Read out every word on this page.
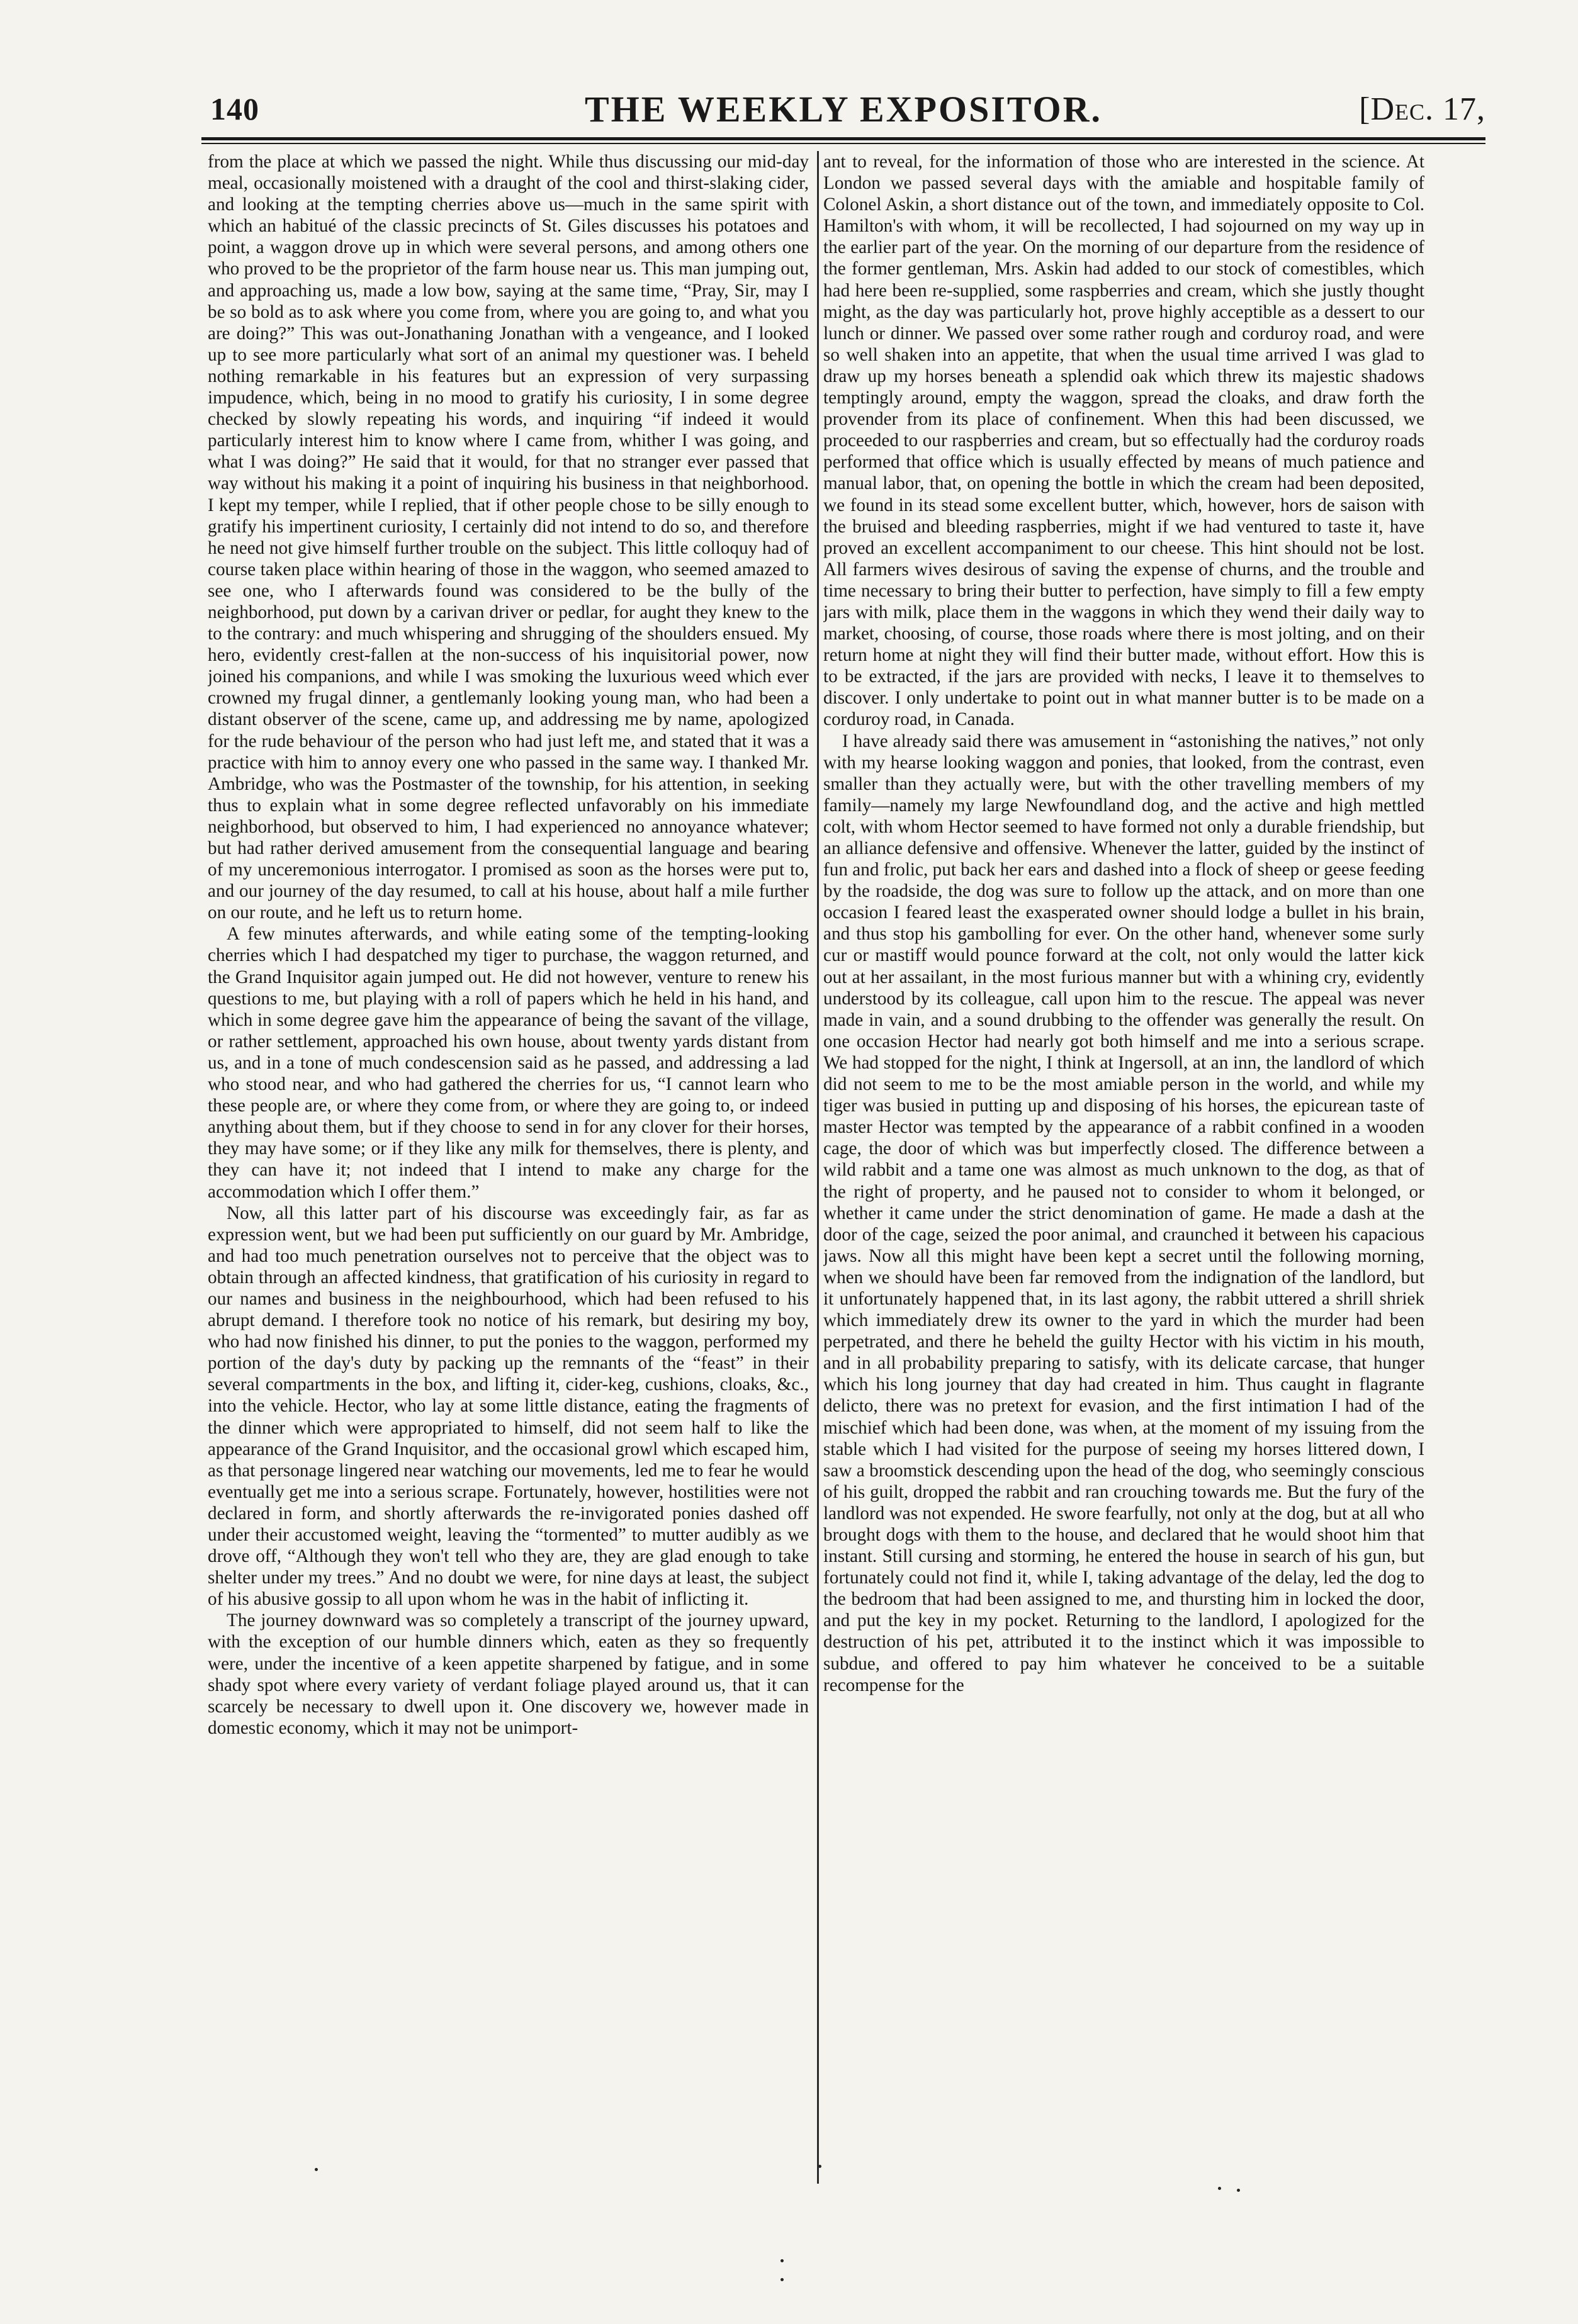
140	THE WEEKLY EXPOSITOR.	[Dec. 17,

from the place at which we passed the night. While thus discussing our mid-day meal, occasionally moistened with a draught of the cool and thirst-slaking cider, and looking at the tempting cherries above us—much in the same spirit with which an habitué of the classic precincts of St. Giles discusses his potatoes and point, a waggon drove up in which were several persons, and among others one who proved to be the proprietor of the farm house near us. This man jumping out, and approaching us, made a low bow, saying at the same time, “Pray, Sir, may I be so bold as to ask where you come from, where you are going to, and what you are doing?” This was out-Jonathaning Jonathan with a vengeance, and I looked up to see more particularly what sort of an animal my questioner was. I beheld nothing remarkable in his features but an expression of very surpassing impudence, which, being in no mood to gratify his curiosity, I in some degree checked by slowly repeating his words, and inquiring “if indeed it would particularly interest him to know where I came from, whither I was going, and what I was doing?” He said that it would, for that no stranger ever passed that way without his making it a point of inquiring his business in that neighborhood. I kept my temper, while I replied, that if other people chose to be silly enough to gratify his impertinent curiosity, I certainly did not intend to do so, and therefore he need not give himself further trouble on the subject. This little colloquy had of course taken place within hearing of those in the waggon, who seemed amazed to see one, who I afterwards found was considered to be the bully of the neighborhood, put down by a carivan driver or pedlar, for aught they knew to the to the contrary: and much whispering and shrugging of the shoulders ensued. My hero, evidently crest-fallen at the non-success of his inquisitorial power, now joined his companions, and while I was smoking the luxurious weed which ever crowned my frugal dinner, a gentlemanly looking young man, who had been a distant observer of the scene, came up, and addressing me by name, apologized for the rude behaviour of the person who had just left me, and stated that it was a practice with him to annoy every one who passed in the same way. I thanked Mr. Ambridge, who was the Postmaster of the township, for his attention, in seeking thus to explain what in some degree reflected unfavorably on his immediate neighborhood, but observed to him, I had experienced no annoyance whatever; but had rather derived amusement from the consequential language and bearing of my unceremonious interrogator. I promised as soon as the horses were put to, and our journey of the day resumed, to call at his house, about half a mile further on our route, and he left us to return home.

A few minutes afterwards, and while eating some of the tempting-looking cherries which I had despatched my tiger to purchase, the waggon returned, and the Grand Inquisitor again jumped out. He did not however, venture to renew his questions to me, but playing with a roll of papers which he held in his hand, and which in some degree gave him the appearance of being the savant of the village, or rather settlement, approached his own house, about twenty yards distant from us, and in a tone of much condescension said as he passed, and addressing a lad who stood near, and who had gathered the cherries for us, “I cannot learn who these people are, or where they come from, or where they are going to, or indeed anything about them, but if they choose to send in for any clover for their horses, they may have some; or if they like any milk for themselves, there is plenty, and they can have it; not indeed that I intend to make any charge for the accommodation which I offer them.”

Now, all this latter part of his discourse was exceedingly fair, as far as expression went, but we had been put sufficiently on our guard by Mr. Ambridge, and had too much penetration ourselves not to perceive that the object was to obtain through an affected kindness, that gratification of his curiosity in regard to our names and business in the neighbourhood, which had been refused to his abrupt demand. I therefore took no notice of his remark, but desiring my boy, who had now finished his dinner, to put the ponies to the waggon, performed my portion of the day's duty by packing up the remnants of the “feast” in their several compartments in the box, and lifting it, cider-keg, cushions, cloaks, &c., into the vehicle. Hector, who lay at some little distance, eating the fragments of the dinner which were appropriated to himself, did not seem half to like the appearance of the Grand Inquisitor, and the occasional growl which escaped him, as that personage lingered near watching our movements, led me to fear he would eventually get me into a serious scrape. Fortunately, however, hostilities were not declared in form, and shortly afterwards the re-invigorated ponies dashed off under their accustomed weight, leaving the “tormented” to mutter audibly as we drove off, “Although they won't tell who they are, they are glad enough to take shelter under my trees.” And no doubt we were, for nine days at least, the subject of his abusive gossip to all upon whom he was in the habit of inflicting it.

The journey downward was so completely a transcript of the journey upward, with the exception of our humble dinners which, eaten as they so frequently were, under the incentive of a keen appetite sharpened by fatigue, and in some shady spot where every variety of verdant foliage played around us, that it can scarcely be necessary to dwell upon it. One discovery we, however made in domestic economy, which it may not be unimport-

ant to reveal, for the information of those who are interested in the science. At London we passed several days with the amiable and hospitable family of Colonel Askin, a short distance out of the town, and immediately opposite to Col. Hamilton's with whom, it will be recollected, I had sojourned on my way up in the earlier part of the year. On the morning of our departure from the residence of the former gentleman, Mrs. Askin had added to our stock of comestibles, which had here been re-supplied, some raspberries and cream, which she justly thought might, as the day was particularly hot, prove highly acceptible as a dessert to our lunch or dinner. We passed over some rather rough and corduroy road, and were so well shaken into an appetite, that when the usual time arrived I was glad to draw up my horses beneath a splendid oak which threw its majestic shadows temptingly around, empty the waggon, spread the cloaks, and draw forth the provender from its place of confinement. When this had been discussed, we proceeded to our raspberries and cream, but so effectually had the corduroy roads performed that office which is usually effected by means of much patience and manual labor, that, on opening the bottle in which the cream had been deposited, we found in its stead some excellent butter, which, however, hors de saison with the bruised and bleeding raspberries, might if we had ventured to taste it, have proved an excellent accompaniment to our cheese. This hint should not be lost. All farmers wives desirous of saving the expense of churns, and the trouble and time necessary to bring their butter to perfection, have simply to fill a few empty jars with milk, place them in the waggons in which they wend their daily way to market, choosing, of course, those roads where there is most jolting, and on their return home at night they will find their butter made, without effort. How this is to be extracted, if the jars are provided with necks, I leave it to themselves to discover. I only undertake to point out in what manner butter is to be made on a corduroy road, in Canada.

I have already said there was amusement in “astonishing the natives,” not only with my hearse looking waggon and ponies, that looked, from the contrast, even smaller than they actually were, but with the other travelling members of my family—namely my large Newfoundland dog, and the active and high mettled colt, with whom Hector seemed to have formed not only a durable friendship, but an alliance defensive and offensive. Whenever the latter, guided by the instinct of fun and frolic, put back her ears and dashed into a flock of sheep or geese feeding by the roadside, the dog was sure to follow up the attack, and on more than one occasion I feared least the exasperated owner should lodge a bullet in his brain, and thus stop his gambolling for ever. On the other hand, whenever some surly cur or mastiff would pounce forward at the colt, not only would the latter kick out at her assailant, in the most furious manner but with a whining cry, evidently understood by its colleague, call upon him to the rescue. The appeal was never made in vain, and a sound drubbing to the offender was generally the result. On one occasion Hector had nearly got both himself and me into a serious scrape. We had stopped for the night, I think at Ingersoll, at an inn, the landlord of which did not seem to me to be the most amiable person in the world, and while my tiger was busied in putting up and disposing of his horses, the epicurean taste of master Hector was tempted by the appearance of a rabbit confined in a wooden cage, the door of which was but imperfectly closed. The difference between a wild rabbit and a tame one was almost as much unknown to the dog, as that of the right of property, and he paused not to consider to whom it belonged, or whether it came under the strict denomination of game. He made a dash at the door of the cage, seized the poor animal, and craunched it between his capacious jaws. Now all this might have been kept a secret until the following morning, when we should have been far removed from the indignation of the landlord, but it unfortunately happened that, in its last agony, the rabbit uttered a shrill shriek which immediately drew its owner to the yard in which the murder had been perpetrated, and there he beheld the guilty Hector with his victim in his mouth, and in all probability preparing to satisfy, with its delicate carcase, that hunger which his long journey that day had created in him. Thus caught in flagrante delicto, there was no pretext for evasion, and the first intimation I had of the mischief which had been done, was when, at the moment of my issuing from the stable which I had visited for the purpose of seeing my horses littered down, I saw a broomstick descending upon the head of the dog, who seemingly conscious of his guilt, dropped the rabbit and ran crouching towards me. But the fury of the landlord was not expended. He swore fearfully, not only at the dog, but at all who brought dogs with them to the house, and declared that he would shoot him that instant. Still cursing and storming, he entered the house in search of his gun, but fortunately could not find it, while I, taking advantage of the delay, led the dog to the bedroom that had been assigned to me, and thursting him in locked the door, and put the key in my pocket. Returning to the landlord, I apologized for the destruction of his pet, attributed it to the instinct which it was impossible to subdue, and offered to pay him whatever he conceived to be a suitable recompense for the
